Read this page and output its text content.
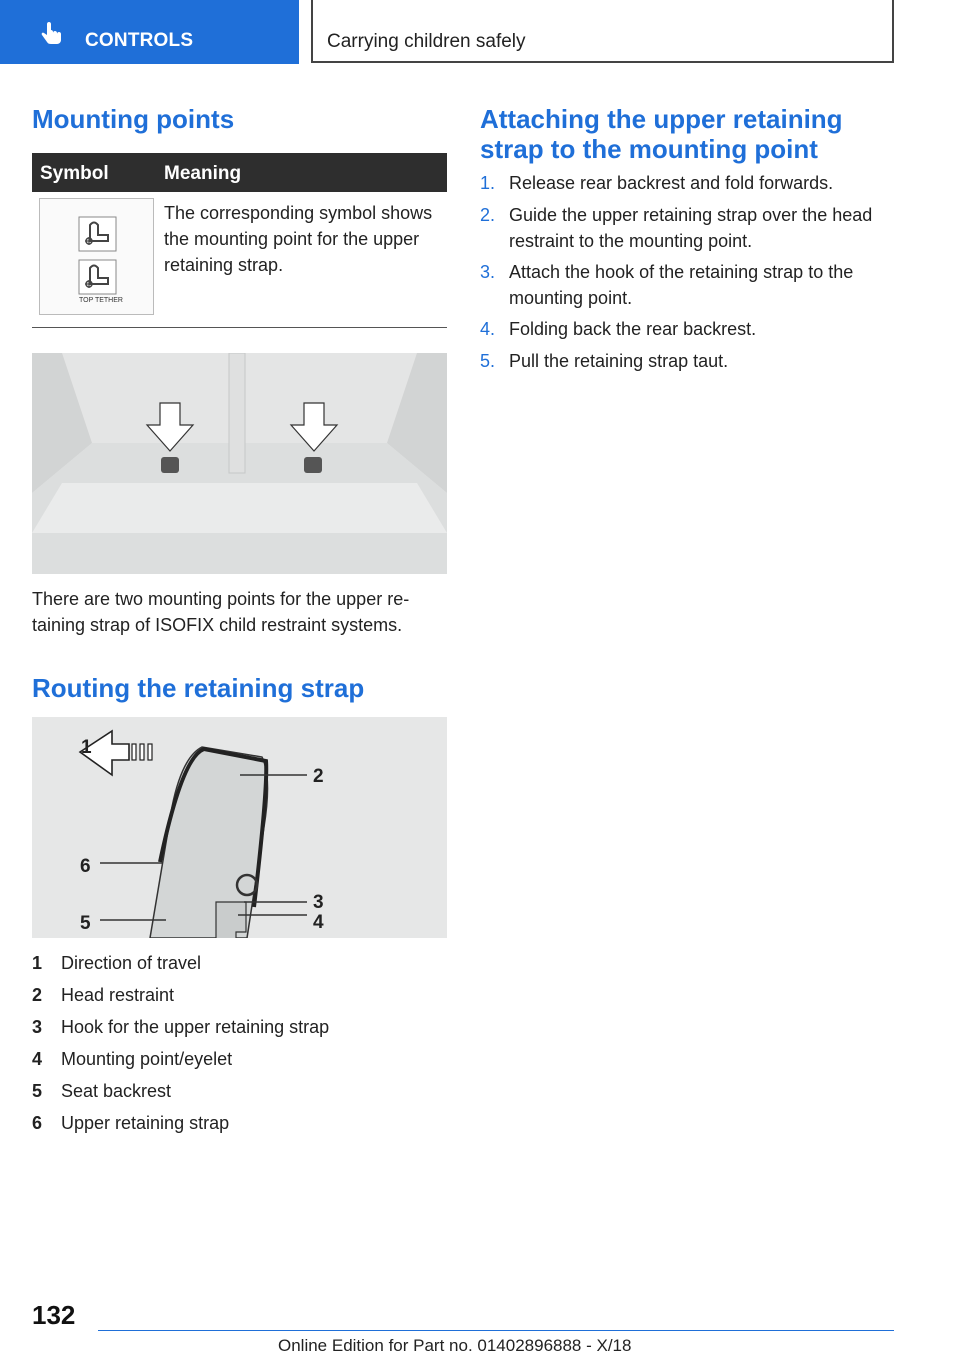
CONTROLS	Carrying children safely
Mounting points
Symbol	Meaning
TOP TETHER
The corresponding symbol shows the mounting point for the upper retaining strap.
There are two mounting points for the upper re-taining strap of ISOFIX child restraint systems.
Routing the retaining strap
1
2
3
4
5
6
1 Direction of travel
2 Head restraint
3 Hook for the upper retaining strap
4 Mounting point/eyelet
5 Seat backrest
6 Upper retaining strap
Attaching the upper retaining
strap to the mounting point
1. Release rear backrest and fold forwards.
2. Guide the upper retaining strap over the head restraint to the mounting point.
3. Attach the hook of the retaining strap to the mounting point.
4. Folding back the rear backrest.
5. Pull the retaining strap taut.
132
Online Edition for Part no. 01402896888 - X/18
